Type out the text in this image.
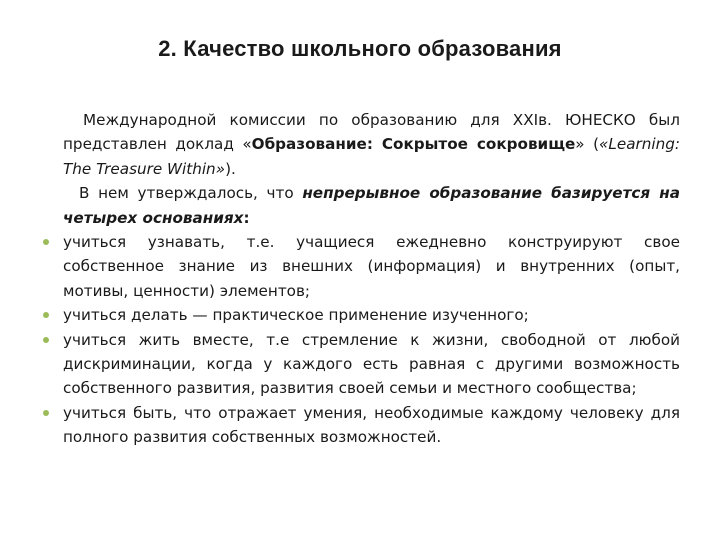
2. Качество школьного образования

Международной комиссии по образованию для XXIв. ЮНЕСКО был представлен доклад «Образование: Сокрытое сокровище» («Learning: The Treasure Within»).

В нем утверждалось, что непрерывное образование базируется на четырех основаниях:

учиться узнавать, т.е. учащиеся ежедневно конструируют свое собственное знание из внешних (информация) и внутренних (опыт, мотивы, ценности) элементов;
учиться делать — практическое применение изученного;
учиться жить вместе, т.е стремление к жизни, свободной от любой дискриминации, когда у каждого есть равная с другими возможность собственного развития, развития своей семьи и местного сообщества;
учиться быть, что отражает умения, необходимые каждому человеку для полного развития собственных возможностей.
